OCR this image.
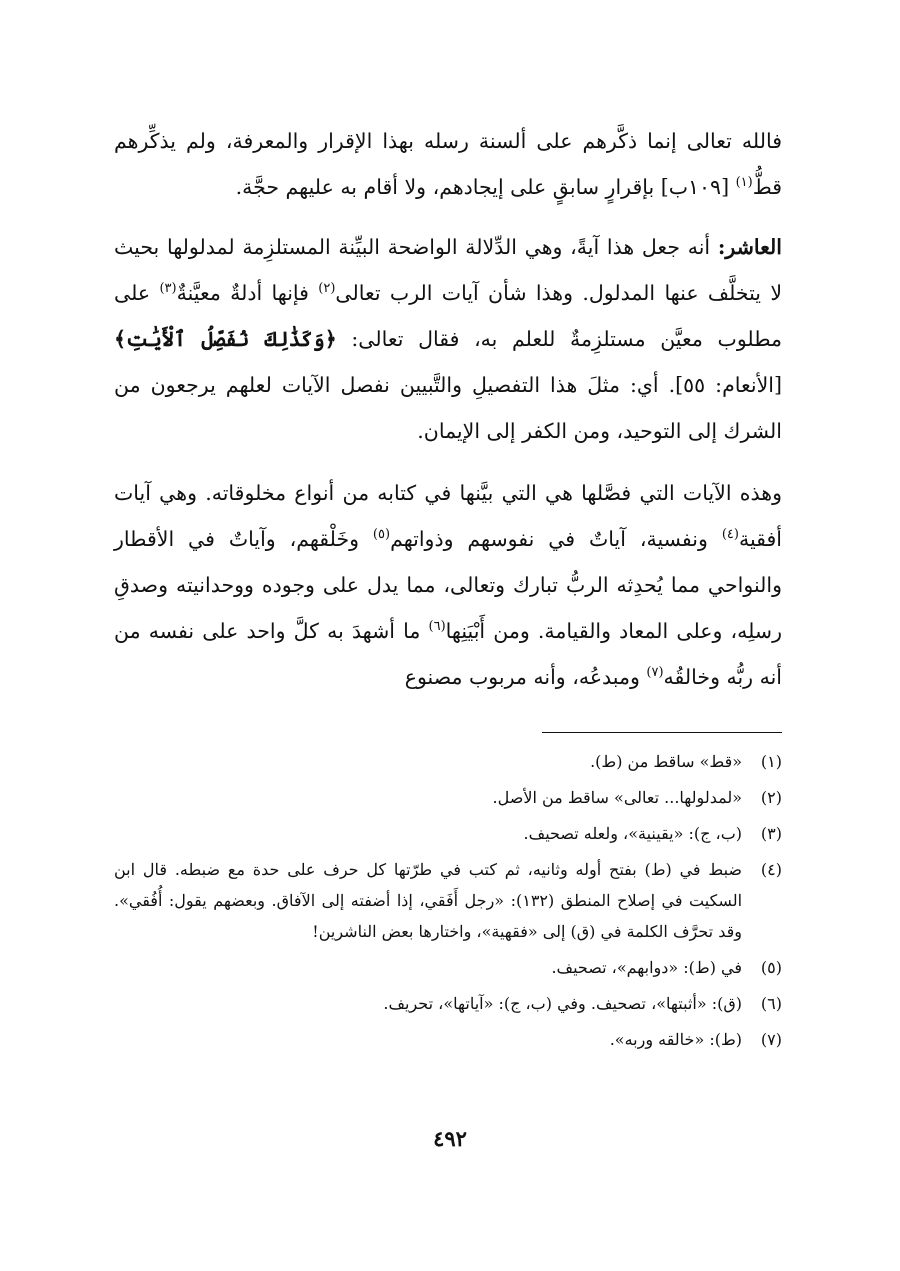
فالله تعالى إنما ذكَّرهم على ألسنة رسله بهذا الإقرار والمعرفة، ولم يذكِّرهم قطُّ$^{(١)}$ [١٠٩ب] بإقرارٍ سابقٍ على إيجادهم، ولا أقام به عليهم حجَّة.

العاشر: أنه جعل هذا آيةً، وهي الدِّلالة الواضحة البيِّنة المستلزِمة لمدلولها بحيث لا يتخلَّف عنها المدلول. وهذا شأن آيات الرب تعالى$^{(٢)}$ فإنها أدلةٌ معيَّنةٌ$^{(٣)}$ على مطلوب معيَّن مستلزِمةٌ للعلم به، فقال تعالى: ﴿وَكَذَٰلِكَ نُفَصِّلُ ٱلْأَيَٰتِ﴾ [الأنعام: ٥٥]. أي: مثلَ هذا التفصيلِ والتَّبيين نفصل الآيات لعلهم يرجعون من الشرك إلى التوحيد، ومن الكفر إلى الإيمان.

وهذه الآيات التي فصَّلها هي التي بيَّنها في كتابه من أنواع مخلوقاته. وهي آيات أفقية$^{(٤)}$ ونفسية، آياتٌ في نفوسهم وذواتهم$^{(٥)}$ وخَلْقهم، وآياتٌ في الأقطار والنواحي مما يُحدِثه الربُّ تبارك وتعالى، مما يدل على وجوده ووحدانيته وصدقِ رسلِه، وعلى المعاد والقيامة. ومن أَبْيَنِها$^{(٦)}$ ما أشهدَ به كلَّ واحد على نفسه من أنه ربُّه وخالقُه$^{(٧)}$ ومبدعُه، وأنه مربوب مصنوع

(١)
«قط» ساقط من (ط).
(٢)
«لمدلولها... تعالى» ساقط من الأصل.
(٣)
(ب، ج): «يقينية»، ولعله تصحيف.
(٤)
ضبط في (ط) بفتح أوله وثانيه، ثم كتب في طرّتها كل حرف على حدة مع ضبطه. قال ابن السكيت في إصلاح المنطق (١٣٢): «رجل أَفَقي، إذا أضفته إلى الآفاق. وبعضهم يقول: أُفُقي». وقد تحرَّف الكلمة في (ق) إلى «فقهية»، واختارها بعض الناشرين!
(٥)
في (ط): «دوابهم»، تصحيف.
(٦)
(ق): «أثبتها»، تصحيف. وفي (ب، ج): «آياتها»، تحريف.
(٧)
(ط): «خالقه وربه».
٤٩٢
